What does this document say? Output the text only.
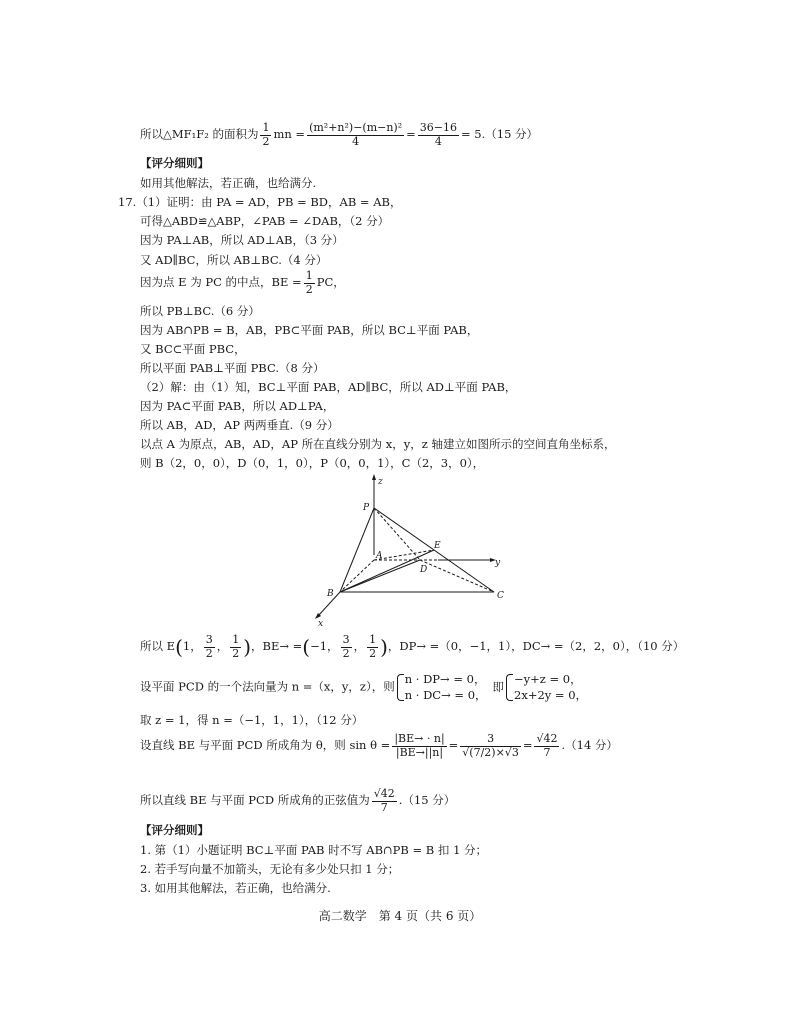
所以△MF₁F₂ 的面积为 $\frac{1}{2}$ mn = $\frac{\text{(m²+n²)−(m−n)²}}{4} = \frac{36-16}{4} = 5.(15$ 分）
【评分细则】
如用其他解法，若正确，也给满分.
17.（1）证明：由 PA = AD，PB = BD，AB = AB，
可得△ABD≌△ABP，∠PAB = ∠DAB，（2 分）
因为 PA⊥AB，所以 AD⊥AB，（3 分）
又 AD∥BC，所以 AB⊥BC.（4 分）
因为点 E 为 PC 的中点，BE = $\frac{1}{2}$ PC，
所以 PB⊥BC.（6 分）
因为 AB∩PB = B，AB，PB⊂平面 PAB，所以 BC⊥平面 PAB，
又 BC⊂平面 PBC，
所以平面 PAB⊥平面 PBC.（8 分）
（2）解：由（1）知，BC⊥平面 PAB，AD∥BC，所以 AD⊥平面 PAB，
因为 PA⊂平面 PAB，所以 AD⊥PA，
所以 AB，AD，AP 两两垂直.（9 分）
以点 A 为原点，AB，AD，AP 所在直线分别为 x，y，z 轴建立如图所示的空间直角坐标系，
则 B（2，0，0），D（0，1，0），P（0，0，1），C（2，3，0），
z
P
A
E
D
y
B	C
x
所以 E(1， $\frac{3}{2}$ ， $\frac{1}{2}$ )，BE→ =(−1， $\frac{3}{2}$ ， $\frac{1}{2}$ )，DP→ =（0，−1，1），DC→ =（2，2，0），（10 分）
设平面 PCD 的一个法向量为 n =（x，y，z），则
n · DP→ = 0，
n · DC→ = 0，
即
−y+z = 0，
2x+2y = 0，
取 z = 1，得 n =（−1，1，1），（12 分）
设直线 BE 与平面 PCD 所成角为 θ，则 $\sin \theta = \frac{|BE\to \cdot n|}{|BE\to||n|} = \frac{3}{√(7/2)\times√3} = \frac{√42}{7} .(14$ 分）
所以直线 BE 与平面 PCD 所成角的正弦值为 $\frac{√42}{7} .(15$ 分）
【评分细则】
1. 第（1）小题证明 BC⊥平面 PAB 时不写 AB∩PB = B 扣 1 分；
2. 若手写向量不加箭头，无论有多少处只扣 1 分；
3. 如用其他解法，若正确，也给满分.
高二数学　第 4 页（共 6 页）
